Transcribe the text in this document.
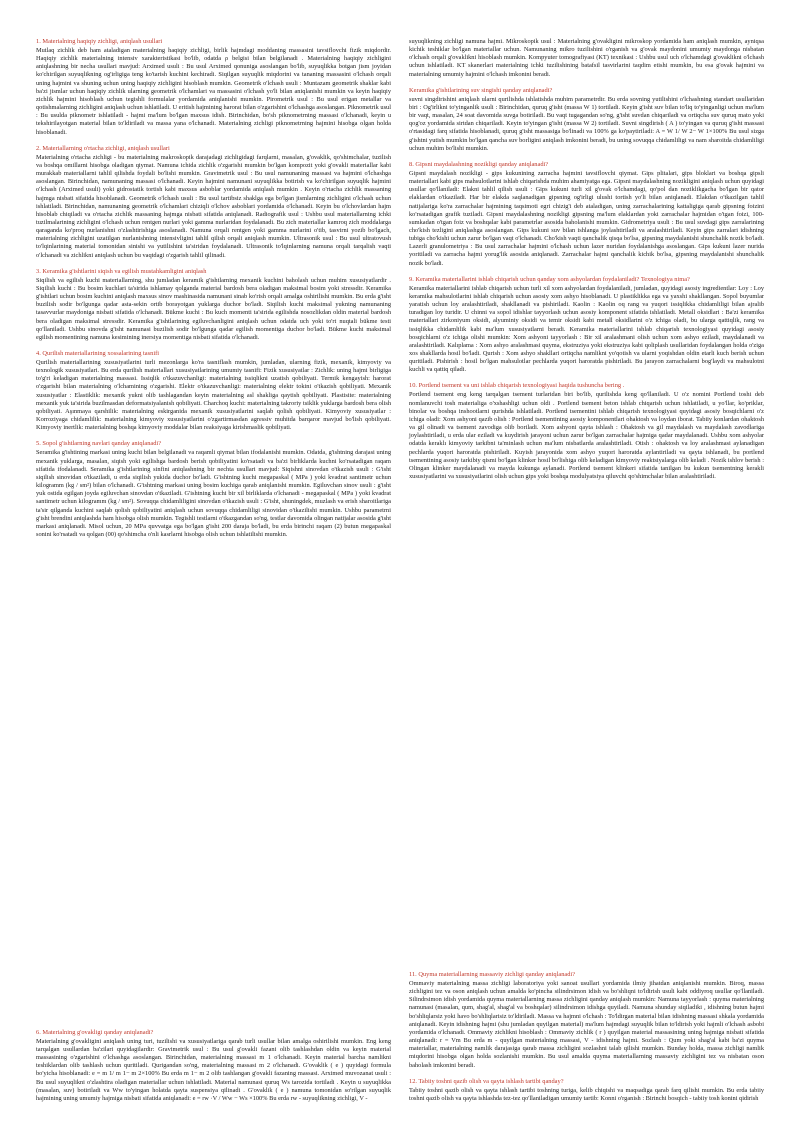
1. Materialning haqiqiy zichligi, aniqlash usullari

Mutlaq zichlik deb ham ataladigan materialning haqiqiy zichligi, birlik hajmdagi moddaning massasini tavsiflovchi fizik miqdordir. Haqiqiy zichlik materialning intensiv xarakteristikasi bo'lib, odatda ρ belgisi bilan belgilanadi . Materialning haqiqiy zichligini aniqlashning bir necha usullari mavjud: Arximed usuli : Bu usul Arximed qonuniga asoslangan bo'lib, suyuqlikka botgan jism joyidan ko'chirilgan suyuqlikning og'irligiga teng ko'tarish kuchini kechiradi. Siqilgan suyuqlik miqdorini va tananing massasini o'lchash orqali uning hajmini va shuning uchun uning haqiqiy zichligini hisoblash mumkin. Geometrik o'lchash usuli : Muntazam geometrik shaklar kabi ba'zi jismlar uchun haqiqiy zichlik ularning geometrik o'lchamlari va massasini o'lchash yo'li bilan aniqlanishi mumkin va keyin haqiqiy zichlik hajmini hisoblash uchun tegishli formulalar yordamida aniqlanishi mumkin. Pirometrik usul : Bu usul erigan metallar va qotishmalarning zichligini aniqlash uchun ishlatiladi. U eritish hajmining harorat bilan o'zgarishini o'lchashga asoslangan. Piknometrik usul : Bu usulda piknometr ishlatiladi - hajmi ma'lum bo'lgan maxsus idish. Birinchidan, bo'sh piknometrning massasi o'lchanadi, keyin u tekshirilayotgan material bilan to'ldiriladi va massa yana o'lchanadi. Materialning zichligi piknometrning hajmini hisobga olgan holda hisoblanadi.

2. Materiallarning o'rtacha zichligi, aniqlash usullari

Materialning o'rtacha zichligi - bu materialning makroskopik darajadagi zichligidagi farqlarni, masalan, g'ovaklik, qo'shimchalar, tuzilish va boshqa omillarni hisobga oladigan qiymat. Namuna ichida zichlik o'zgarishi mumkin bo'lgan kompozit yoki g'ovakli materiallar kabi murakkab materiallarni tahlil qilishda foydali bo'lishi mumkin. Gravimetrik usul : Bu usul namunaning massasi va hajmini o'lchashga asoslangan. Birinchidan, namunaning massasi o'lchanadi. Keyin hajmini namunani suyuqlikka botirish va ko'chirilgan suyuqlik hajmini o'lchash (Arximed usuli) yoki gidrostatik tortish kabi maxsus asboblar yordamida aniqlash mumkin . Keyin o'rtacha zichlik massaning hajmga nisbati sifatida hisoblanadi. Geometrik o'lchash usuli : Bu usul tartibsiz shaklga ega bo'lgan jismlarning zichligini o'lchash uchun ishlatiladi. Birinchidan, namunaning geometrik o'lchamlari chiziqli o'lchov asboblari yordamida o'lchanadi. Keyin bu o'lchovlardan hajm hisoblab chiqiladi va o'rtacha zichlik massaning hajmga nisbati sifatida aniqlanadi. Radiografik usul : Ushbu usul materiallarning ichki tuzilmalarining zichligini o'lchash uchun rentgen nurlari yoki gamma nurlaridan foydalanadi. Bu zich materiallar kamroq zich moddalarga qaraganda ko'proq nurlanishni o'zlashtirishiga asoslanadi. Namuna orqali rentgen yoki gamma nurlarini o'tib, tasvirni yozib bo'lgach, materialning zichligini uzatilgan nurlanishning intensivligini tahlil qilish orqali aniqlash mumkin. Ultrasonik usul : Bu usul ultratovush to'lqinlarining material tomonidan sinishi va yutilishini ta'siridan foydalanadi. Ultrasonik to'lqinlarning namuna orqali tarqalish vaqti o'lchanadi va zichlikni aniqlash uchun bu vaqtdagi o'zgarish tahlil qilinadi.

3. Keramika g'ishtlarini siqish va egilish mustahkamligini aniqlash

Siqilish va egilish kuchi materiallarning, shu jumladan keramik g'ishtlarning mexanik kuchini baholash uchun muhim xususiyatlardir . Siqilish kuchi : Bu bosim kuchlari ta'sirida ishlamay qolganda material bardosh bera oladigan maksimal bosim yoki stressdir. Keramika g'ishtlari uchun bosim kuchini aniqlash maxsus sinov mashinasida namunani sinab ko'rish orqali amalga oshirilishi mumkin. Bu erda g'isht buzilish sodir bo'lgunga qadar asta-sekin ortib borayotgan yuklarga duchor bo'ladi. Siqilish kuchi maksimal yukning namunaning tasavvurlar maydoniga nisbati sifatida o'lchanadi. Bükme kuchi : Bu kuch momenti ta'sirida egilishda nosozlikdan oldin material bardosh bera oladigan maksimal stressdir. Keramika g'ishtlarining egiluvchanligini aniqlash uchun odatda uch yoki to'rt nuqtali bükme testi qo'llaniladi. Ushbu sinovda g'isht namunasi buzilish sodir bo'lgunga qadar egilish momentiga duchor bo'ladi. Bükme kuchi maksimal egilish momentining namuna kesimining inersiya momentiga nisbati sifatida o'lchanadi.

4. Qurilish materiallarining xossalarining tasnifi

Qurilish materiallarining xususiyatlarini turli mezonlarga ko'ra tasniflash mumkin, jumladan, ularning fizik, mexanik, kimyoviy va texnologik xususiyatlari. Bu erda qurilish materiallari xususiyatlarining umumiy tasnifi: Fizik xususiyatlar : Zichlik: uning hajmi birligiga to'g'ri keladigan materialning massasi. Issiqlik o'tkazuvchanligi: materialning issiqlikni uzatish qobiliyati. Termik kengayish: harorat o'zgarishi bilan materialning o'lchamining o'zgarishi. Elektr o'tkazuvchanligi: materialning elektr tokini o'tkazish qobiliyati. Mexanik xususiyatlar : Elastiklik: mexanik yukni olib tashlagandan keyin materialning asl shakliga qaytish qobiliyati. Plastisite: materialning mexanik yuk ta'sirida buzilmasdan deformatsiyalanish qobiliyati. Charchoq kuchi: materialning takroriy tsiklik yuklarga bardosh bera olish qobiliyati. Aşınmaya qarshilik: materialning eskirganida mexanik xususiyatlarini saqlab qolish qobiliyati. Kimyoviy xususiyatlar : Korroziyaga chidamlilik: materialning kimyoviy xususiyatlarini o'zgartirmasdan agressiv muhitda barqaror mavjud bo'lish qobiliyati. Kimyoviy inertlik: materialning boshqa kimyoviy moddalar bilan reaksiyaga kirishmaslik qobiliyati.

5. Sopol g'ishtlarning navlari qanday aniqlanadi?

Seramika g'ishtining markasi uning kuchi bilan belgilanadi va raqamli qiymat bilan ifodalanishi mumkin. Odatda, g'ishtning darajasi uning mexanik yuklarga, masalan, siqish yoki egilishga bardosh berish qobiliyatini ko'rsatadi va ba'zi birliklarda kuchni ko'rsatadigan raqam sifatida ifodalanadi. Seramika g'ishtlarining sinfini aniqlashning bir nechta usullari mavjud: Siqishni sinovdan o'tkazish usuli : G'isht siqilish sinovidan o'tkaziladi, u erda siqilish yukida duchor bo'ladi. G'ishtning kuchi megapaskal ( MPa ) yoki kvadrat santimetr uchun kilogramm (kg / sm²) bilan o'lchanadi. G'ishtning markasi uning bosim kuchiga qarab aniqlanishi mumkin. Egiluvchan sinov usuli : g'isht yuk ostida egilgan joyda egiluvchan sinovdan o'tkaziladi. G'ishtning kuchi bir xil birliklarda o'lchanadi - megapaskal ( MPa ) yoki kvadrat santimetr uchun kilogramm (kg / sm²). Sovuqqa chidamliligini sinovdan o'tkazish usuli : G'isht, shuningdek, muzlash va erish sharoitlariga ta'sir qilganda kuchini saqlab qolish qobiliyatini aniqlash uchun sovuqqa chidamliligi sinovidan o'tkazilishi mumkin. Ushbu parametrni g'isht brendini aniqlashda ham hisobga olish mumkin. Tegishli testlarni o'tkazgandan so'ng, testlar davomida olingan natijalar asosida g'isht markasi aniqlanadi. Misol uchun, 20 MPa quvvatga ega bo'lgan g'isht 200 daraja bo'ladi, bu erda birinchi raqam (2) butun megapaskal sonini ko'rsatadi va qolgan (00) qo'shimcha o'nli kasrlarni hisobga olish uchun ishlatilishi mumkin.

6. Materialning g'ovakligi qanday aniqlanadi?

Materialning g'ovakligini aniqlash uning turi, tuzilishi va xususiyatlariga qarab turli usullar bilan amalga oshirilishi mumkin. Eng keng tarqalgan usullardan ba'zilari quyidagilardir: Gravimetrik usul : Bu usul g'ovakli fazani olib tashlashdan oldin va keyin material massasining o'zgarishini o'lchashga asoslangan. Birinchidan, materialning massasi m 1 o'lchanadi. Keyin material barcha namlikni teshiklardan olib tashlash uchun quritiladi. Qurigandan so'ng, materialning massasi m 2 o'lchanadi. G'ovaklik ( e ) quyidagi formula bo'yicha hisoblanadi: e = m 1/ m 1− m 2×100% Bu erda m 1− m 2 olib tashlangan g'ovakli fazaning massasi. Arximed muvozanat usuli : Bu usul suyuqlikni o'zlashtira oladigan materiallar uchun ishlatiladi. Material namunasi quruq Ws tarozida tortiladi . Keyin u suyuqlikka (masalan, suv) botiriladi va Ww to'yingan holatda qayta suspensiya qilinadi . G'ovaklik ( e ) namuna tomonidan so'rilgan suyuqlik hajmining uning umumiy hajmiga nisbati sifatida aniqlanadi: e = rw ·V / Ww − Ws ×100% Bu erda rw - suyuqlikning zichligi, V -

suyuqlikning zichligi namuna hajmi. Mikroskopik usul : Materialning g'ovakligini mikroskop yordamida ham aniqlash mumkin, ayniqsa kichik teshiklar bo'lgan materiallar uchun. Namunaning mikro tuzilishini o'rganish va g'ovak maydonini umumiy maydonga nisbatan o'lchash orqali g'ovaklikni hisoblash mumkin. Kompyuter tomografiyasi (KT) texnikasi : Ushbu usul uch o'lchamdagi g'ovaklikni o'lchash uchun ishlatiladi. KT skanerlari materialning ichki tuzilishining batafsil tasvirlarini taqdim etishi mumkin, bu esa g'ovak hajmini va materialning umumiy hajmini o'lchash imkonini beradi.

Keramika g'ishtlarining suv singishi qanday aniqlanadi?

suvni singdirishini aniqlash ularni qurilishda ishlatishda muhim parametrdir. Bu erda sovning yutilishini o'lchashning standart usullaridan biri : Og'irlikni to'yinganlik usuli : Birinchidan, quruq g'isht (massa W 1) tortiladi. Keyin g'isht suv bilan to'liq to'yinganligi uchun ma'lum bir vaqt, masalan, 24 soat davomida suvga botiriladi. Bu vaqt tugagandan so'ng, g'isht suvdan chiqariladi va ortiqcha suv quruq mato yoki qog'oz yordamida sirtdan chiqariladi. Keyin to'yingan g'isht (massa W 2) tortiladi. Suvni singdirish ( A ) to'yingan va quruq g'isht massasi o'rtasidagi farq sifatida hisoblanadi, quruq g'isht massasiga bo'linadi va 100% ga ko'paytiriladi: A = W 1/ W 2− W 1×100% Bu usul sizga g'ishtni yutish mumkin bo'lgan qancha suv borligini aniqlash imkonini beradi, bu uning sovuqqa chidamliligi va nam sharoitda chidamliligi uchun muhim bo'lishi mumkin.

8. Gipsni maydalashning nozikligi qanday aniqlanadi?

Gipsni maydalash nozikligi - gips kukunining zarracha hajmini tavsiflovchi qiymat. Gips plitalari, gips bloklari va boshqa gipsli materiallari kabi gips mahsulotlarini ishlab chiqarishda muhim ahamiyatga ega. Gipsni maydalashning nozikligini aniqlash uchun quyidagi usullar qo'llaniladi: Elakni tahlil qilish usuli : Gips kukuni turli xil g'ovak o'lchamdagi, qo'pol dan noziklikgacha bo'lgan bir qator elaklardan o'tkaziladi. Har bir elakda saqlanadigan gipsning og'irligi ulushi tortish yo'li bilan aniqlanadi. Elakdan o'tkazilgan tahlil natijalariga ko'ra zarrachalar hajmining taqsimoti egri chizig'i deb ataladigan, uning zarrachalarining kattaligiga qarab gipsning foizini ko'rsatadigan grafik tuziladi. Gipsni maydalashning nozikligi gipsning ma'lum elaklardan yoki zarrachalar hajmidan o'tgan foizi, 100-sumkadan o'tgan foiz va boshqalar kabi parametrlar asosida baholanishi mumkin. Gidrometriya usuli : Bu usul suvdagi gips zarralarining cho'kish tezligini aniqlashga asoslangan. Gips kukuni suv bilan ishlanga joylashtiriladi va aralashtiriladi. Keyin gips zarralari idishning tubiga cho'kishi uchun zarur bo'lgan vaqt o'lchanadi. Cho'kish vaqti qanchalik qisqa bo'lsa, gipsning maydalanishi shunchalik nozik bo'ladi. Lazerli granulometriya : Bu usul zarrachalar hajmini o'lchash uchun lazer nuridan foydalanishga asoslangan. Gips kukuni lazer nurida yoritiladi va zarracha hajmi yorug'lik asosida aniqlanadi. Zarrachalar hajmi qanchalik kichik bo'lsa, gipsning maydalanishi shunchalik nozik bo'ladi.

9. Keramika materiallarini ishlab chiqarish uchun qanday xom ashyolardan foydalaniladi? Texnologiya nima?

Keramika materiallarini ishlab chiqarish uchun turli xil xom ashyolardan foydalaniladi, jumladan, quyidagi asosiy ingredientlar: Loy : Loy keramika mahsulotlarini ishlab chiqarish uchun asosiy xom ashyo hisoblanadi. U plastiklikka ega va yaxshi shakllangan. Sopol buyumlar yaratish uchun loy aralashtiriladi, shakllanadi va pishiriladi. Kaolin : Kaolin oq rang va yuqori issiqlikka chidamliligi bilan ajralib turadigan loy turidir. U chinni va sopol idishlar tayyorlash uchun asosiy komponent sifatida ishlatiladi. Metall oksidlari : Ba'zi keramika materiallari zirkoniyum oksidi, alyuminiy oksidi va temir oksidi kabi metall oksidlarini o'z ichiga oladi, bu ularga qattiqlik, rang va issiqlikka chidamlilik kabi ma'lum xususiyatlarni beradi. Keramika materiallarini ishlab chiqarish texnologiyasi quyidagi asosiy bosqichlarni o'z ichiga olishi mumkin: Xom ashyoni tayyorlash : Bir xil aralashmani olish uchun xom ashyo eziladi, maydalanadi va aralashtiriladi. Kalıplama : Xom ashyo aralashmasi quyma, ekstruziya yoki ekstruziya kabi qoliplash usullaridan foydalangan holda o'ziga xos shakllarda hosil bo'ladi. Qurish : Xom ashyo shakllari ortiqcha namlikni yo'qotish va ularni yoqishdan oldin etarli kuch berish uchun quritiladi. Pishirish : hosil bo'lgan mahsulotlar pechlarda yuqori haroratda pishiriladi. Bu jarayon zarrachalarni bog'laydi va mahsulotni kuchli va qattiq qiladi.

10. Portlend tsement va uni ishlab chiqarish texnologiyasi haqida tushuncha bering .

Portlend tsement eng keng tarqalgan tsement turlaridan biri bo'lib, qurilishda keng qo'llaniladi. U o'z nomini Portlend toshi deb nomlanuvchi tosh materialiga o'xshashligi uchun oldi . Portlend tsement beton ishlab chiqarish uchun ishlatiladi, u yo'llar, ko'priklar, binolar va boshqa inshootlarni qurishda ishlatiladi. Portlend tsementini ishlab chiqarish texnologiyasi quyidagi asosiy bosqichlarni o'z ichiga oladi: Xom ashyoni qazib olish : Portlend tsementining asosiy komponentlari ohaktosh va loydan iborat. Tabiiy konlardan ohaktosh va gil olinadi va tsement zavodiga olib boriladi. Xom ashyoni qayta ishlash : Ohaktosh va gil maydalash va maydalash zavodlariga joylashtiriladi, u erda ular eziladi va kuydirish jarayoni uchun zarur bo'lgan zarrachalar hajmiga qadar maydalanadi. Ushbu xom ashyolar odatda keraklı kimyoviy tarkibni ta'minlash uchun ma'lum nisbatlarda aralashtiriladi. Otish : ohaktosh va loy aralashmasi aylanadigan pechlarda yuqori haroratda pishiriladi. Kuyish jarayonida xom ashyo yuqori haroratda aylantiriladi va qayta ishlanadi, bu portlend tsementining asosiy tarkibiy qismi bo'lgan klinker hosil bo'lishiga olib keladigan kimyoviy reaktsiyalarga olib keladi . Nozik ishlov berish : Olingan klinker maydalanadi va mayda kukunga aylanadi. Portlend tsement klinkeri sifatida tanilgan bu kukun tsementning kerakli xususiyatlarini va xususiyatlarini olish uchun gips yoki boshqa modulyatsiya qiluvchi qo'shimchalar bilan aralashtiriladi.

11. Quyma materiallarning massaviy zichligi qanday aniqlanadi?

Ommaviy materialning massa zichligi laboratoriya yoki sanoat usullari yordamida ilmiy jihatdan aniqlanishi mumkin. Biroq, massa zichligini tez va oson aniqlash uchun amalda ko'pincha silindrsimon idish va bo'shliqni to'ldirish usuli kabi oddiyroq usullar qo'llaniladi. Silindrsimon idish yordamida quyma materiallarning massa zichligini qanday aniqlash mumkin: Namuna tayyorlash : quyma materialning namunasi (masalan, qum, shag'al, shag'al va boshqalar) silindrsimon idishga quyiladi. Namuna shunday siqiladiki , idishning butun hajmi bo'shliqlarsiz yoki havo bo'shliqlarisiz to'ldiriladi. Massa va hajmni o'lchash : To'ldirgan material bilan idishning massasi shkala yordamida aniqlanadi. Keyin idishning hajmi (shu jumladan quyilgan material) ma'lum hajmdagi suyuqlik bilan to'ldirish yoki hajmli o'lchash asbobi yordamida o'lchanadi. Ommaviy zichlikni hisoblash : Ommaviy zichlik ( r ) quyilgan material massasining uning hajmiga nisbati sifatida aniqlanadi: r = Vm Bu erda m - quyilgan materialning massasi, V - idishning hajmi. Sozlash : Qum yoki shag'al kabi ba'zi quyma materiallar, materialning namlik darajasiga qarab massa zichligini sozlashni talab qilishi mumkin. Bunday holda, massa zichligi namlik miqdorini hisobga olgan holda sozlanishi mumkin. Bu usul amalda quyma materiallarning massaviy zichligini tez va nisbatan oson baholash imkonini beradi.

12. Tabiiy toshni qazib olish va qayta ishlash tartibi qanday?

Tabiiy toshni qazib olish va qayta ishlash tartibi toshning turiga, kelib chiqishi va maqsadiga qarab farq qilishi mumkin. Bu erda tabiiy toshni qazib olish va qayta ishlashda tez-tez qo'llaniladigan umumiy tartib: Konni o'rganish : Birinchi bosqich - tabiiy tosh konini qidirish
